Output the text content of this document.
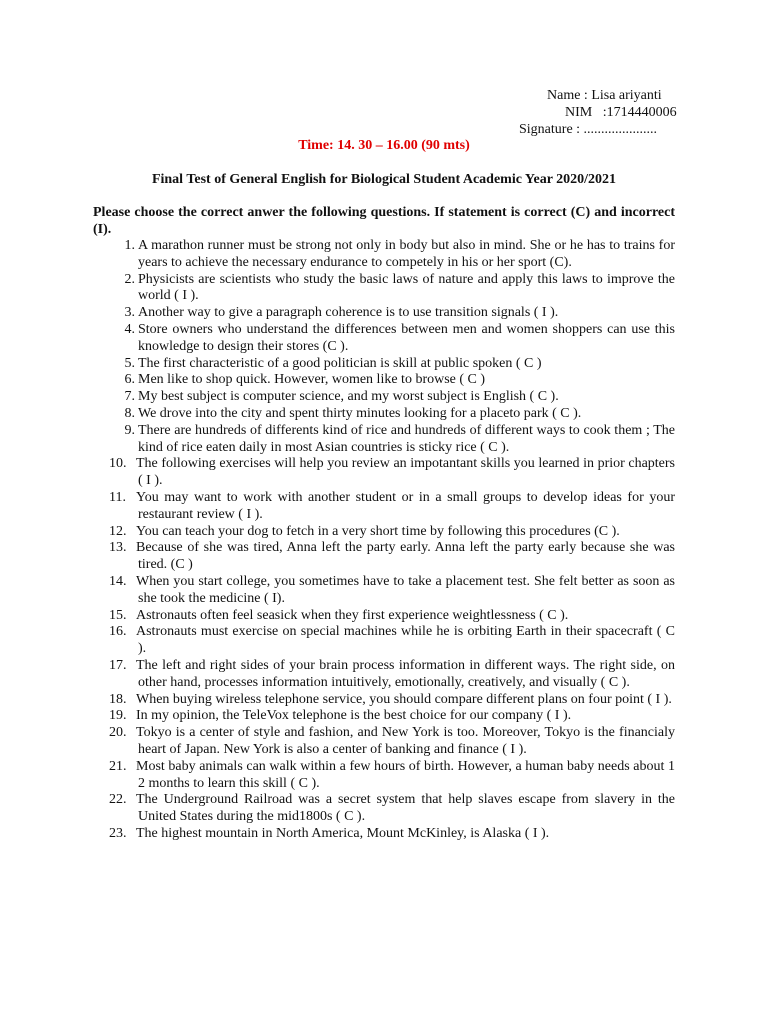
Name : Lisa ariyanti
NIM   :1714440006
Signature : .....................
Time: 14. 30 – 16.00 (90 mts)
Final Test of General English for Biological Student Academic Year 2020/2021
Please choose the correct anwer the following questions. If statement is correct (C) and incorrect (I).
1. A marathon runner must be strong not only in body but also in mind. She or he has to trains for years to achieve the necessary endurance to competely in his or her sport (C).
2. Physicists are scientists who study the basic laws of nature and apply this laws to improve the world ( I ).
3. Another way to give a paragraph coherence is to use transition signals ( I ).
4. Store owners who understand the differences between men and women shoppers can use this knowledge to design their stores (C ).
5. The first characteristic of a good politician is skill at public spoken ( C )
6. Men like to shop quick. However, women like to browse ( C )
7. My best subject is computer science, and my worst subject is English ( C ).
8. We drove into the city and spent thirty minutes looking for a placeto park ( C ).
9. There are hundreds of differents kind of rice and hundreds of different ways to cook them ; The kind of rice eaten daily in most Asian countries is sticky rice ( C ).
10. The following exercises will help you review an impotantant skills you learned in prior chapters ( I ).
11. You may want to work with another student or in a small groups to develop ideas for your restaurant review ( I ).
12. You can teach your dog to fetch in a very short time by following this procedures (C ).
13. Because of she was tired, Anna left the party early. Anna left the party early because she was tired. (C )
14. When you start college, you sometimes have to take a placement test. She felt better as soon as she took the medicine ( I).
15. Astronauts often feel seasick when they first experience weightlessness ( C ).
16. Astronauts must exercise on special machines while he is orbiting Earth in their spacecraft ( C ).
17. The left and right sides of your brain process information in different ways. The right side, on other hand, processes information intuitively, emotionally, creatively, and visually ( C ).
18. When buying wireless telephone service, you should compare different plans on four point ( I ).
19. In my opinion, the TeleVox telephone is the best choice for our company ( I ).
20. Tokyo is a center of style and fashion, and New York is too. Moreover, Tokyo is the financialy heart of Japan. New York is also a center of banking and finance ( I ).
21. Most baby animals can walk within a few hours of birth. However, a human baby needs about 1 2 months to learn this skill ( C ).
22. The Underground Railroad was a secret system that help slaves escape from slavery in the United States during the mid1800s ( C ).
23. The highest mountain in North America, Mount McKinley, is Alaska ( I ).
